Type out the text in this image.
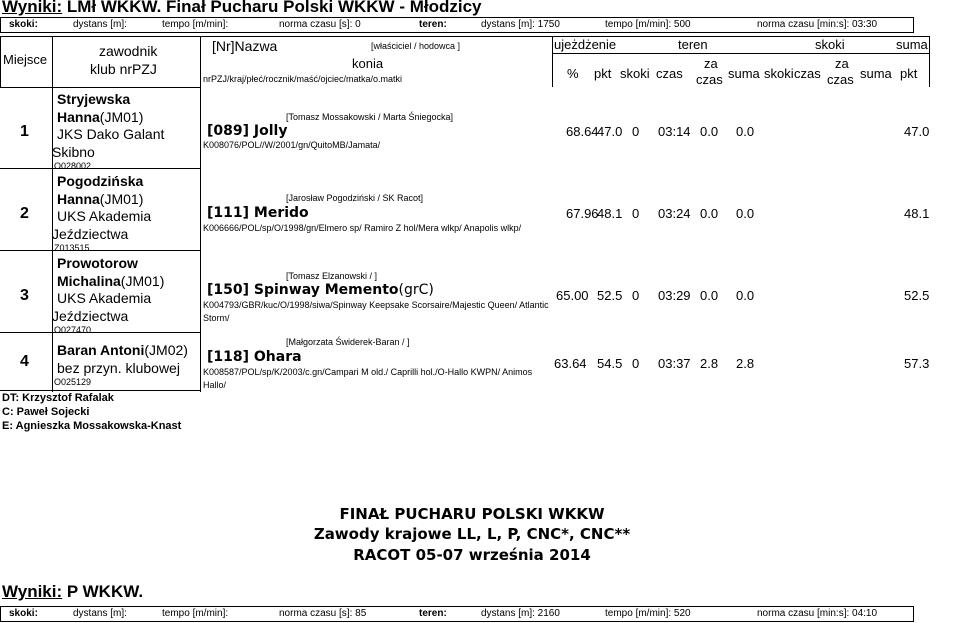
Wyniki: LMł WKKW. Finał Pucharu Polski WKKW - Młodzicy
skoki:	dystans [m]:	tempo [m/min]:	norma czasu [s]: 0	teren:	dystans [m]: 1750	tempo [m/min]: 500	norma czasu [min:s]: 03:30
Miejsce
zawodnik
klub nrPZJ
[Nr]Nazwa	[właściciel / hodowca ]
konia
nrPZJ/kraj/płeć/rocznik/maść/ojciec/matka/o.matki
ujeżdżenie	teren	skoki	suma
% pkt skoki czas
za
czas suma skoki czas
za
czas suma pkt
1
Stryjewska
Hanna(JM01)
JKS Dako Galant
Skibno
O028002
[Tomasz Mossakowski / Marta Śniegocka]
[089] Jolly
K008076/POL//W/2001/gn/QuitoMB/Jamata/
68.64
47.0 0 03:14 0.0 0.0	47.0
2
Pogodzińska
Hanna(JM01)
UKS Akademia
Jeździectwa
Z013515
[Jarosław Pogodziński / SK Racot]
[111] Merido
K006666/POL/sp/O/1998/gn/Elmero sp/ Ramiro Z hol/Mera wlkp/ Anapolis wlkp/
67.96
48.1 0 03:24 0.0 0.0	48.1
3
Prowotorow
Michalina(JM01)
UKS Akademia
Jeździectwa
O027470
[Tomasz Elzanowski / ]
[150] Spinway Memento(grC)
K004793/GBR/kuc/O/1998/siwa/Spinway Keepsake Scorsaire/Majestic Queen/ Atlantic Storm/
65.00 52.5 0 03:29 0.0 0.0	52.5
4
Baran Antoni(JM02)
bez przyn. klubowej
O025129
[Małgorzata Świderek-Baran / ]
[118] Ohara
K008587/POL/sp/K/2003/c.gn/Campari M old./ Caprilli hol./O-Hallo KWPN/ Animos Hallo/
63.64 54.5 0 03:37 2.8 2.8	57.3
DT: Krzysztof Rafalak
C: Paweł Sojecki
E: Agnieszka Mossakowska-Knast
FINAŁ PUCHARU POLSKI WKKW
Zawody krajowe LL, L, P, CNC*, CNC**
RACOT 05-07 września 2014
Wyniki: P WKKW.
skoki:	dystans [m]:	tempo [m/min]:	norma czasu [s]: 85	teren:	dystans [m]: 2160	tempo [m/min]: 520	norma czasu [min:s]: 04:10
